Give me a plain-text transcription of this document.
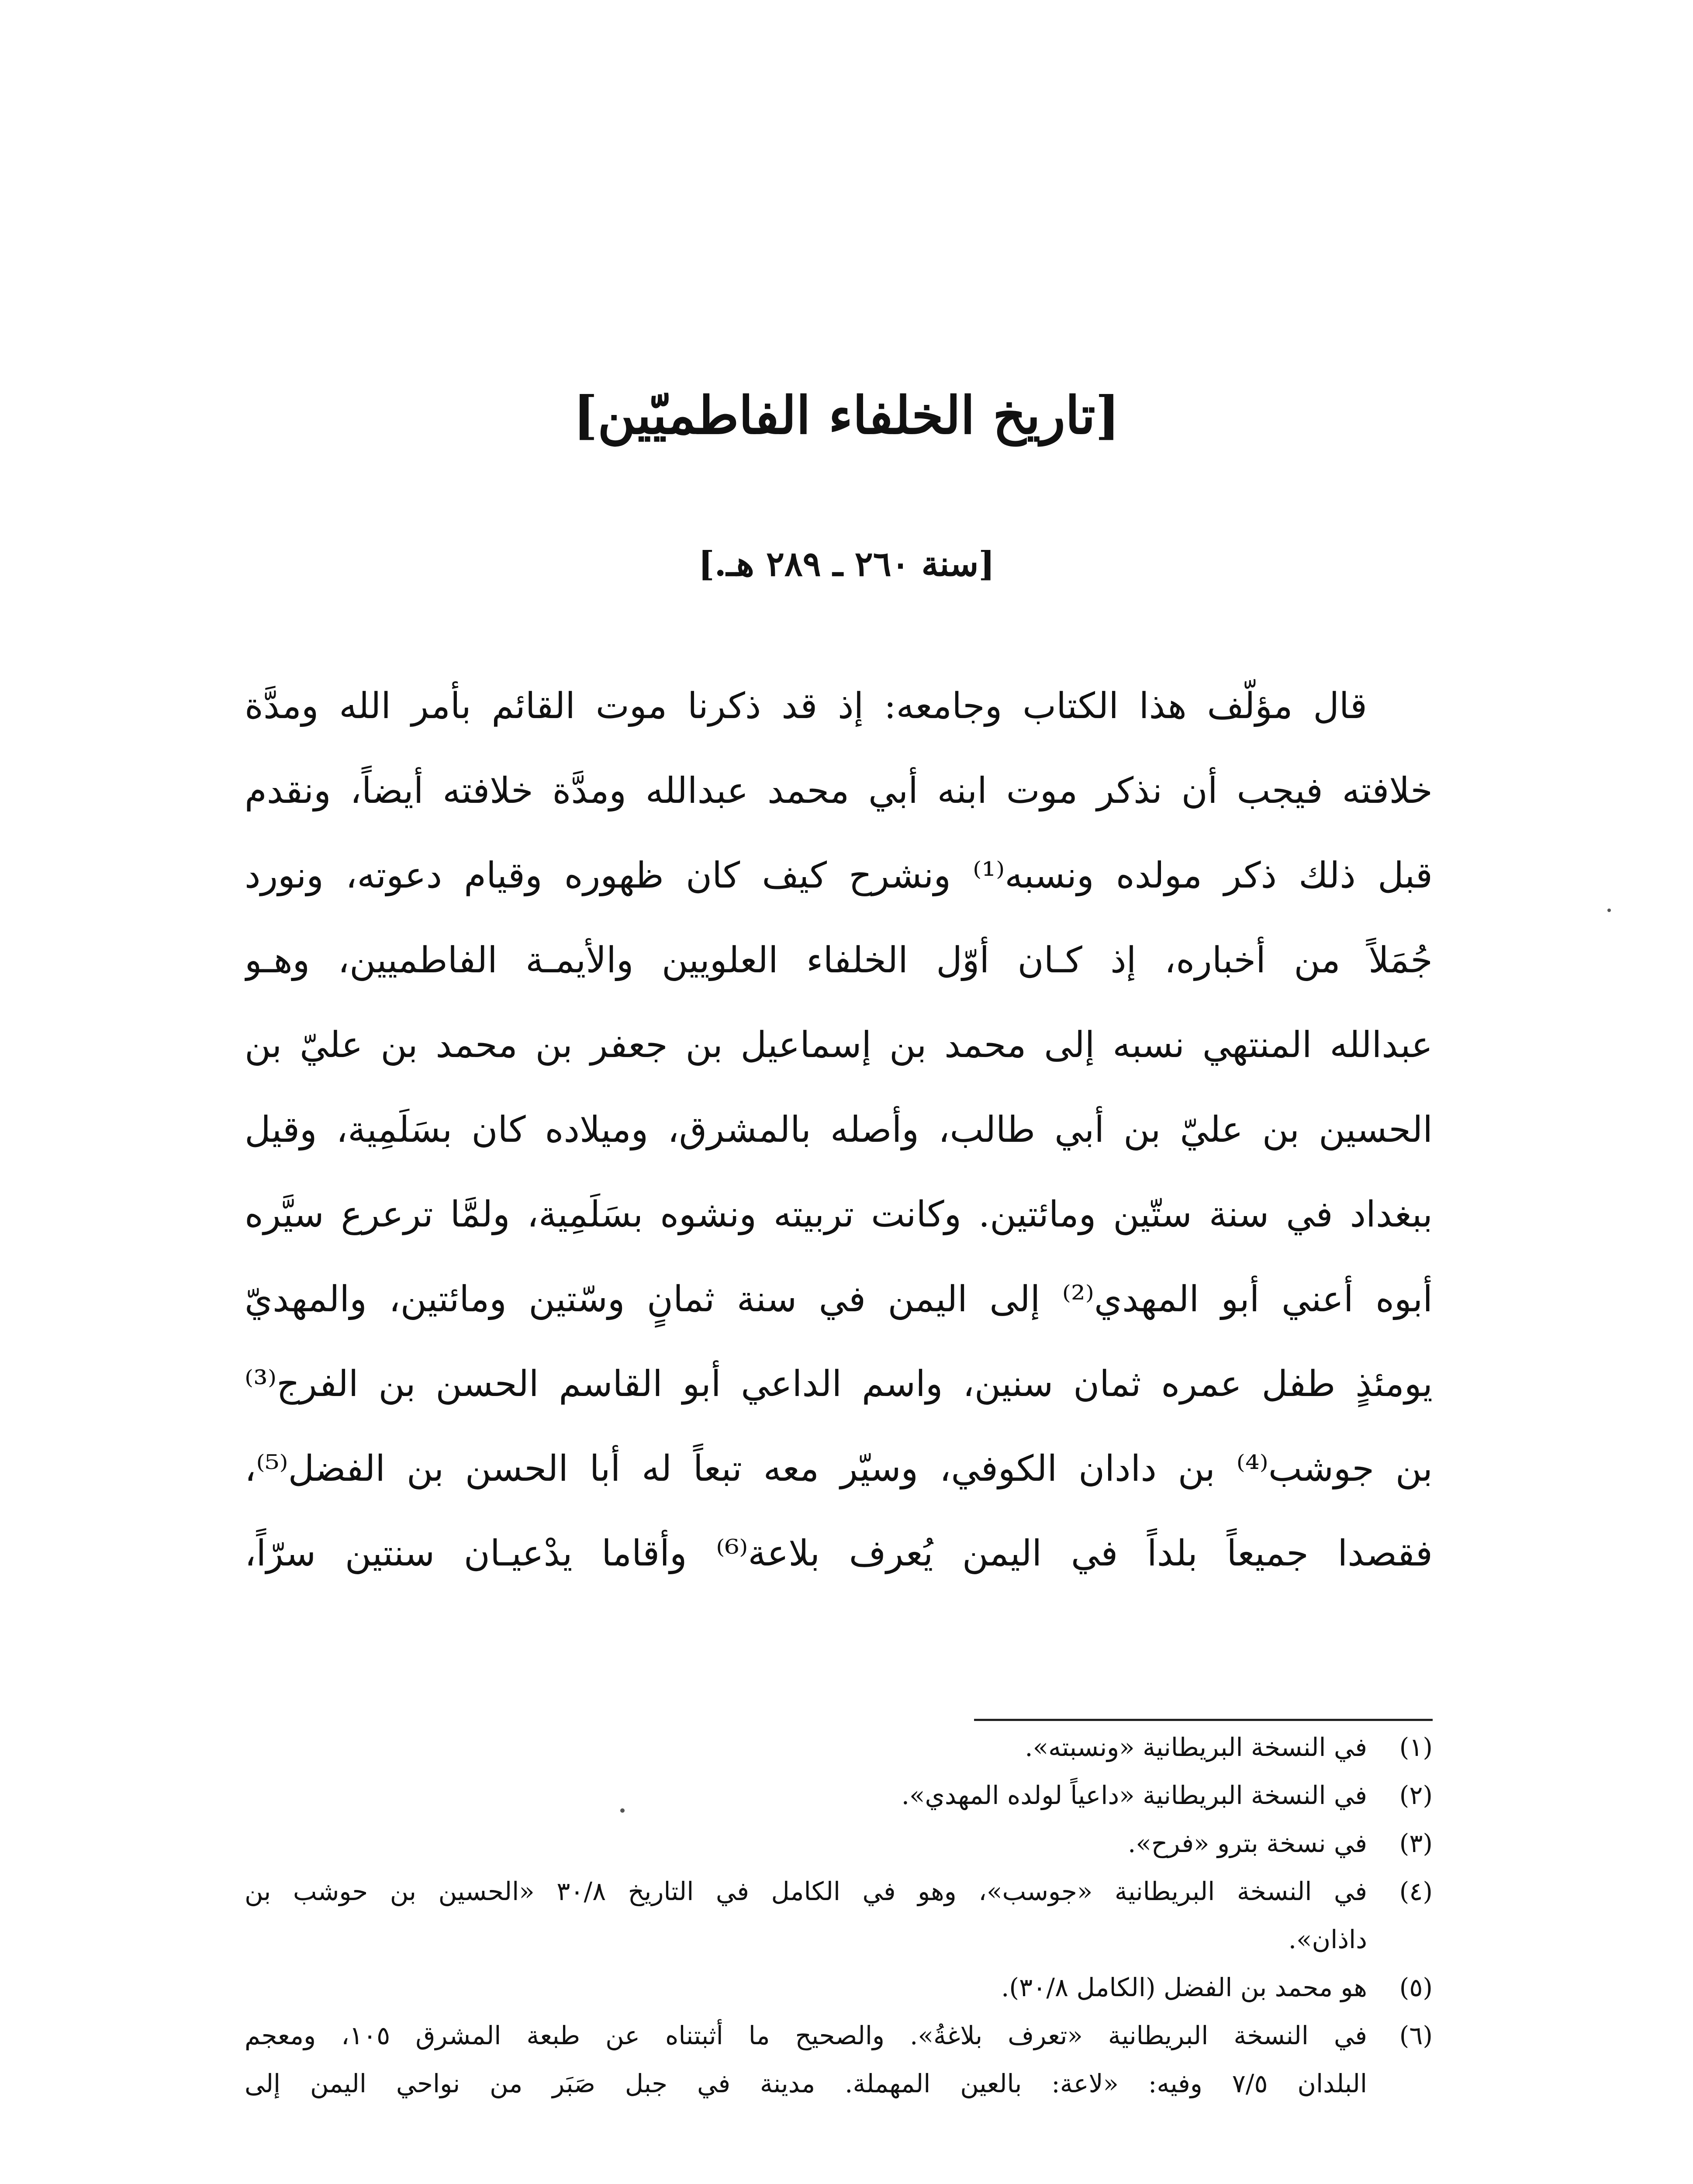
[تاريخ الخلفاء الفاطميّين]
[سنة ٢٦٠ ـ ٢٨٩ هـ.]
قال مؤلّف هذا الكتاب وجامعه: إذ قد ذكرنا موت القائم بأمر الله ومدَّة
خلافته فيجب أن نذكر موت ابنه أبي محمد عبدالله ومدَّة خلافته أيضاً، ونقدم
قبل ذلك ذكر مولده ونسبه⁽¹⁾ ونشرح كيف كان ظهوره وقيام دعوته، ونورد
جُمَلاً من أخباره، إذ كـان أوّل الخلفاء العلويين والأيمـة الفاطميين، وهـو
عبدالله المنتهي نسبه إلى محمد بن إسماعيل بن جعفر بن محمد بن عليّ بن
الحسين بن عليّ بن أبي طالب، وأصله بالمشرق، وميلاده كان بسَلَمِية، وقيل
ببغداد في سنة ستّين ومائتين. وكانت تربيته ونشوه بسَلَمِية، ولمَّا ترعرع سيَّره
أبوه أعني أبو المهدي⁽²⁾ إلى اليمن في سنة ثمانٍ وسّتين ومائتين، والمهديّ
يومئذٍ طفل عمره ثمان سنين، واسم الداعي أبو القاسم الحسن بن الفرج⁽³⁾
بن جوشب⁽⁴⁾ بن دادان الكوفي، وسيّر معه تبعاً له أبا الحسن بن الفضل⁽⁵⁾،
فقصدا جميعاً بلداً في اليمن يُعرف بلاعة⁽⁶⁾ وأقاما يدْعيـان سنتين سرّاً،
(١)
في النسخة البريطانية «ونسبته».
(٢)
في النسخة البريطانية «داعياً لولده المهدي».
(٣)
في نسخة بترو «فرح».
(٤)
في النسخة البريطانية «جوسب»، وهو في الكامل في التاريخ ٣٠/٨ «الحسين بن حوشب بن
داذان».
(٥)
هو محمد بن الفضل (الكامل ٣٠/٨).
(٦)
في النسخة البريطانية «تعرف بلاغةُ». والصحيح ما أثبتناه عن طبعة المشرق ١٠٥، ومعجم
البلدان ٧/٥ وفيه: «لاعة: بالعين المهملة. مدينة في جبل صَبَر من نواحي اليمن إلى
